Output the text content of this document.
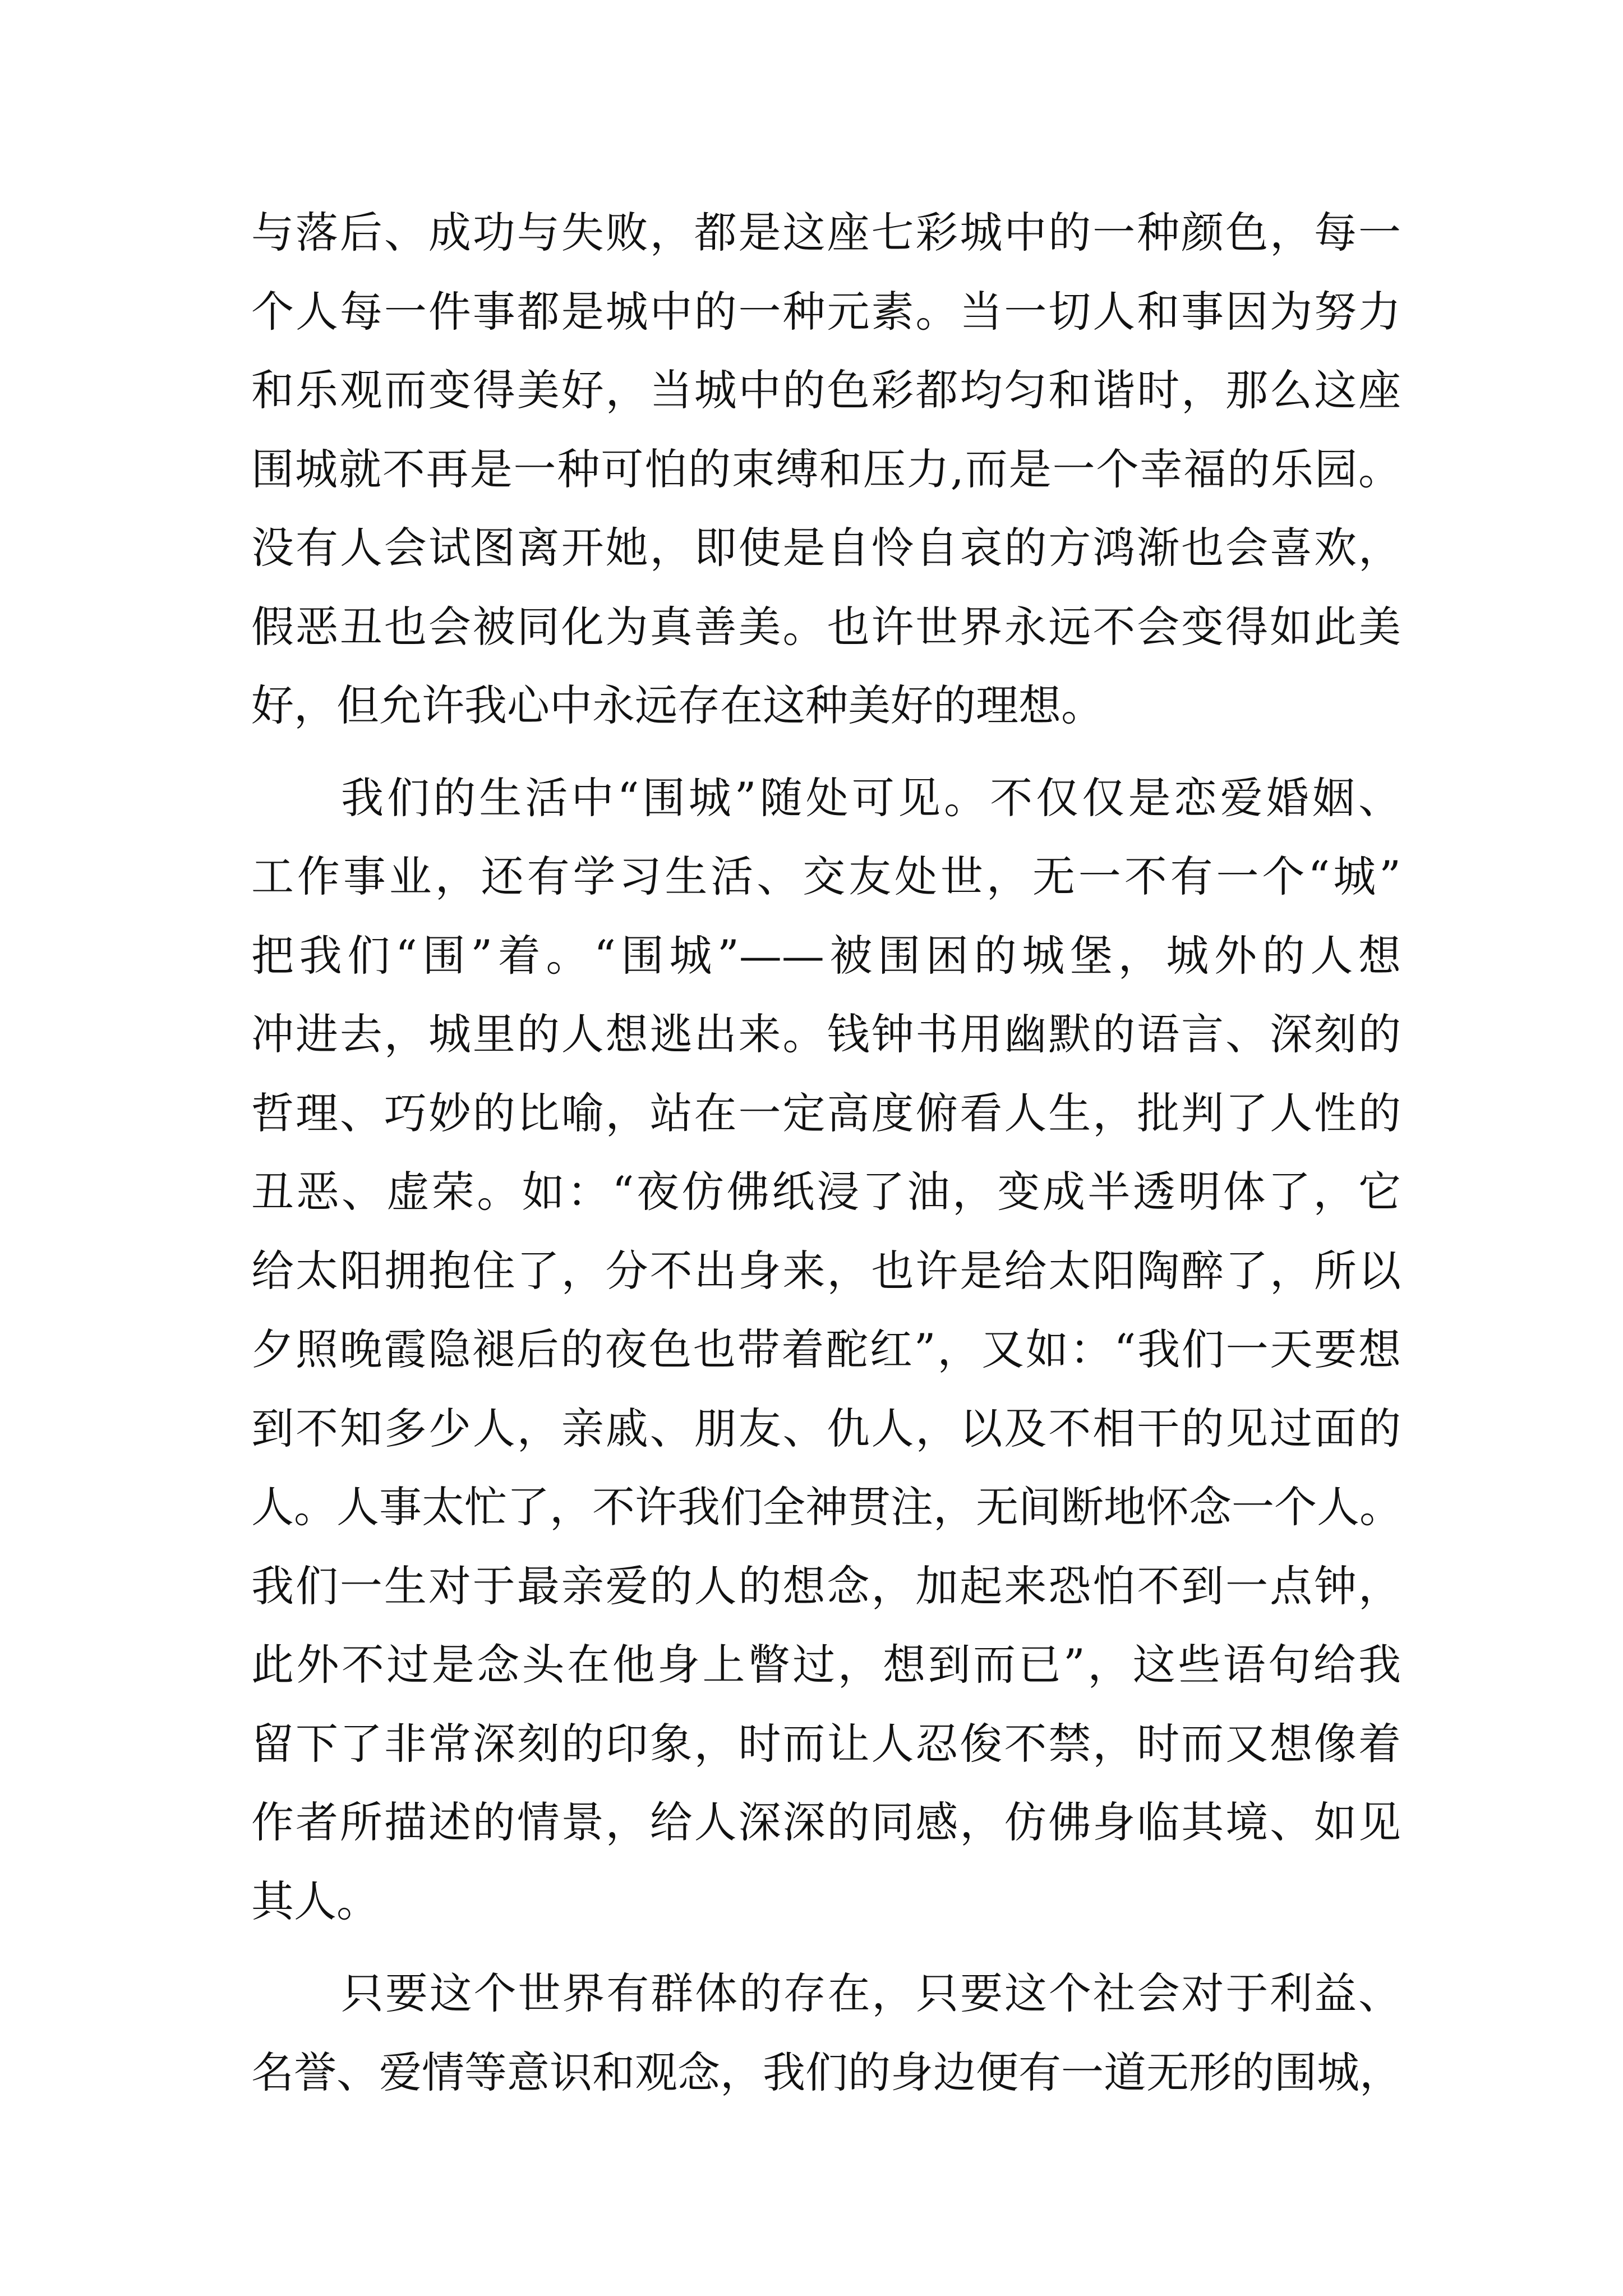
与落后、成功与失败，都是这座七彩城中的一种颜色，每一
个人每一件事都是城中的一种元素。当一切人和事因为努力
和乐观而变得美好，当城中的色彩都均匀和谐时，那么这座
围城就不再是一种可怕的束缚和压力,而是一个幸福的乐园。
没有人会试图离开她，即使是自怜自哀的方鸿渐也会喜欢，
假恶丑也会被同化为真善美。也许世界永远不会变得如此美
好，但允许我心中永远存在这种美好的理想。
我们的生活中“围城”随处可见。不仅仅是恋爱婚姻、
工作事业，还有学习生活、交友处世，无一不有一个“城”
把我们“围”着。“围城”——被围困的城堡，城外的人想
冲进去，城里的人想逃出来。钱钟书用幽默的语言、深刻的
哲理、巧妙的比喻，站在一定高度俯看人生，批判了人性的
丑恶、虚荣。如：“夜仿佛纸浸了油，变成半透明体了，它
给太阳拥抱住了，分不出身来，也许是给太阳陶醉了，所以
夕照晚霞隐褪后的夜色也带着酡红”，又如：“我们一天要想
到不知多少人，亲戚、朋友、仇人，以及不相干的见过面的
人。人事太忙了，不许我们全神贯注，无间断地怀念一个人。
我们一生对于最亲爱的人的想念，加起来恐怕不到一点钟，
此外不过是念头在他身上瞥过，想到而已”，这些语句给我
留下了非常深刻的印象，时而让人忍俊不禁，时而又想像着
作者所描述的情景，给人深深的同感，仿佛身临其境、如见
其人。
只要这个世界有群体的存在，只要这个社会对于利益、
名誉、爱情等意识和观念，我们的身边便有一道无形的围城，
